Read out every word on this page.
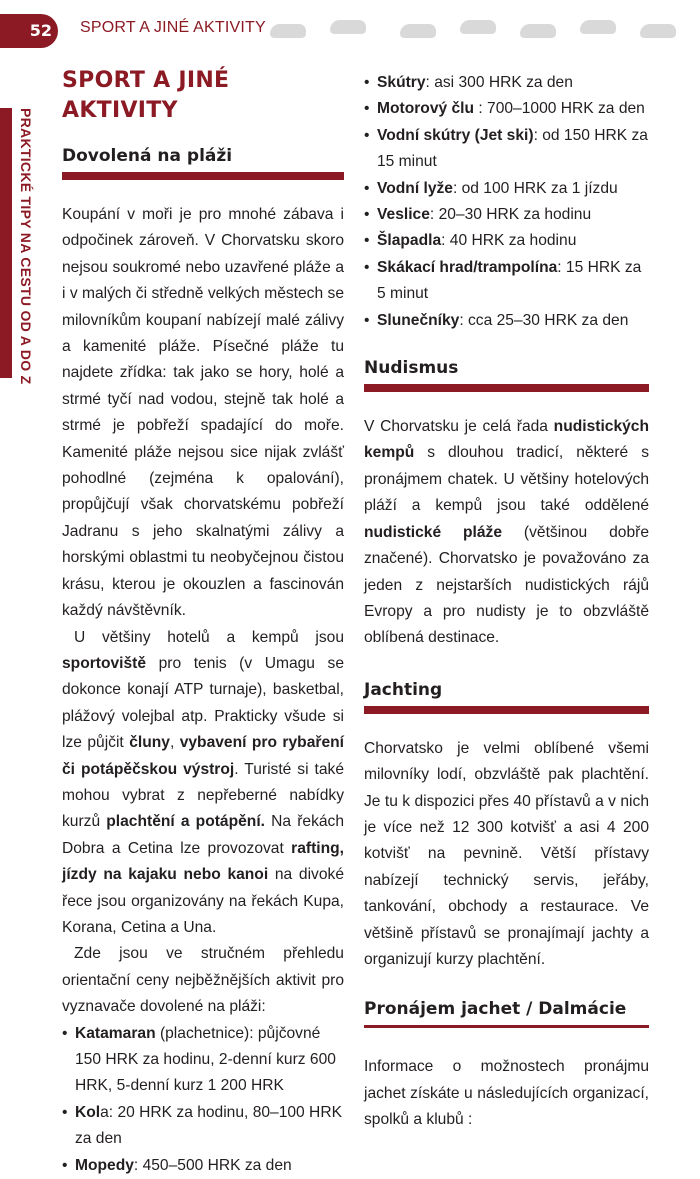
52	SPORT A JINÉ AKTIVITY
PRAKTICKÉ TIPY NA CESTU OD A DO Z
SPORT A JINÉ AKTIVITY
Dovolená na pláži

Koupání v moři je pro mnohé zábava i odpočinek zároveň. V Chorvatsku skoro nejsou soukromé nebo uzavřené pláže a i v malých či středně velkých městech se milovníkům koupaní nabízejí malé zálivy a kamenité pláže. Písečné pláže tu najdete zřídka: tak jako se hory, holé a strmé tyčí nad vodou, stejně tak holé a strmé je pobřeží spadající do moře. Kamenité pláže nejsou sice nijak zvlášť pohodlné (zejména k opalování), propůjčují však chorvatskému pobřeží Jadranu s jeho skalnatými zálivy a horskými oblastmi tu neobyčejnou čistou krásu, kterou je okouzlen a fascinován každý návštěvník.

U většiny hotelů a kempů jsou sportoviště pro tenis (v Umagu se dokonce konají ATP turnaje), basketbal, plážový volejbal atp. Prakticky všude si lze půjčit čluny, vybavení pro rybaření či potápěčskou výstroj. Turisté si také mohou vybrat z nepřeberné nabídky kurzů plachtění a potápění. Na řekách Dobra a Cetina lze provozovat rafting, jízdy na kajaku nebo kanoi na divoké řece jsou organizovány na řekách Kupa, Korana, Cetina a Una.

Zde jsou ve stručném přehledu orientační ceny nejběžnějších aktivit pro vyznavače dovolené na pláži:

• Katamaran (plachetnice): půjčovné 150 HRK za hodinu, 2-denní kurz 600 HRK, 5-denní kurz 1 200 HRK
• Kola: 20 HRK za hodinu, 80–100 HRK za den
• Mopedy: 450–500 HRK za den
• Skútry: asi 300 HRK za den
• Motorový člu : 700–1000 HRK za den
• Vodní skútry (Jet ski): od 150 HRK za 15 minut
• Vodní lyže: od 100 HRK za 1 jízdu
• Veslice: 20–30 HRK za hodinu
• Šlapadla: 40 HRK za hodinu
• Skákací hrad/trampolína: 15 HRK za 5 minut
• Slunečníky: cca 25–30 HRK za den
Nudismus

V Chorvatsku je celá řada nudistických kempů s dlouhou tradicí, některé s pronájmem chatek. U většiny hotelových pláží a kempů jsou také oddělené nudistické pláže (většinou dobře značené). Chorvatsko je považováno za jeden z nejstarších nudistických rájů Evropy a pro nudisty je to obzvláště oblíbená destinace.

Jachting

Chorvatsko je velmi oblíbené všemi milovníky lodí, obzvláště pak plachtění. Je tu k dispozici přes 40 přístavů a v nich je více než 12 300 kotvišť a asi 4 200 kotvišť na pevnině. Větší přístavy nabízejí technický servis, jeřáby, tankování, obchody a restaurace. Ve většině přístavů se pronajímají jachty a organizují kurzy plachtění.

Pronájem jachet / Dalmácie

Informace o možnostech pronájmu jachet získáte u následujících organizací, spolků a klubů :
